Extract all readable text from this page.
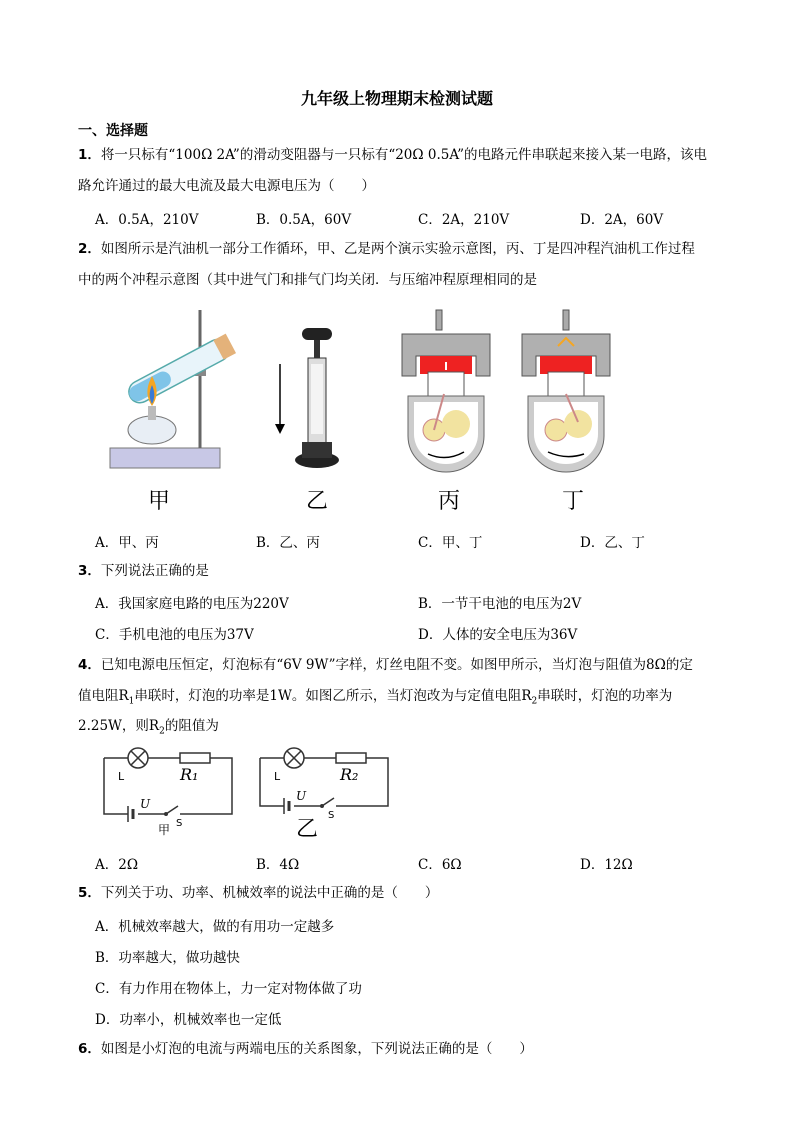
九年级上物理期末检测试题
一、选择题
1．将一只标有“100Ω 2A”的滑动变阻器与一只标有“20Ω 0.5A”的电路元件串联起来接入某一电路，该电
路允许通过的最大电流及最大电源电压为（　　）
A．0.5A，210V	B．0.5A，60V	C．2A，210V	D．2A，60V
2．如图所示是汽油机一部分工作循环，甲、乙是两个演示实验示意图，丙、丁是四冲程汽油机工作过程
中的两个冲程示意图（其中进气门和排气门均关闭．与压缩冲程原理相同的是
甲	乙	丙	丁
A．甲、丙	B．乙、丙	C．甲、丁	D．乙、丁
3．下列说法正确的是
A．我国家庭电路的电压为220V	B．一节干电池的电压为2V
C．手机电池的电压为37V	D．人体的安全电压为36V
4．已知电源电压恒定，灯泡标有“6V 9W”字样，灯丝电阻不变。如图甲所示，当灯泡与阻值为8Ω的定
值电阻$R_1$串联时，灯泡的功率是1W。如图乙所示，当灯泡改为与定值电阻$R_2$串联时，灯泡的功率为
2.25W，则$R_2$的阻值为
L	R₁
U
S
甲
L	R₂
U
S
乙
A．2Ω	B．4Ω	C．6Ω	D．12Ω
5．下列关于功、功率、机械效率的说法中正确的是（　　）
A．机械效率越大，做的有用功一定越多
B．功率越大，做功越快
C．有力作用在物体上，力一定对物体做了功
D．功率小，机械效率也一定低
6．如图是小灯泡的电流与两端电压的关系图象，下列说法正确的是（　　）
